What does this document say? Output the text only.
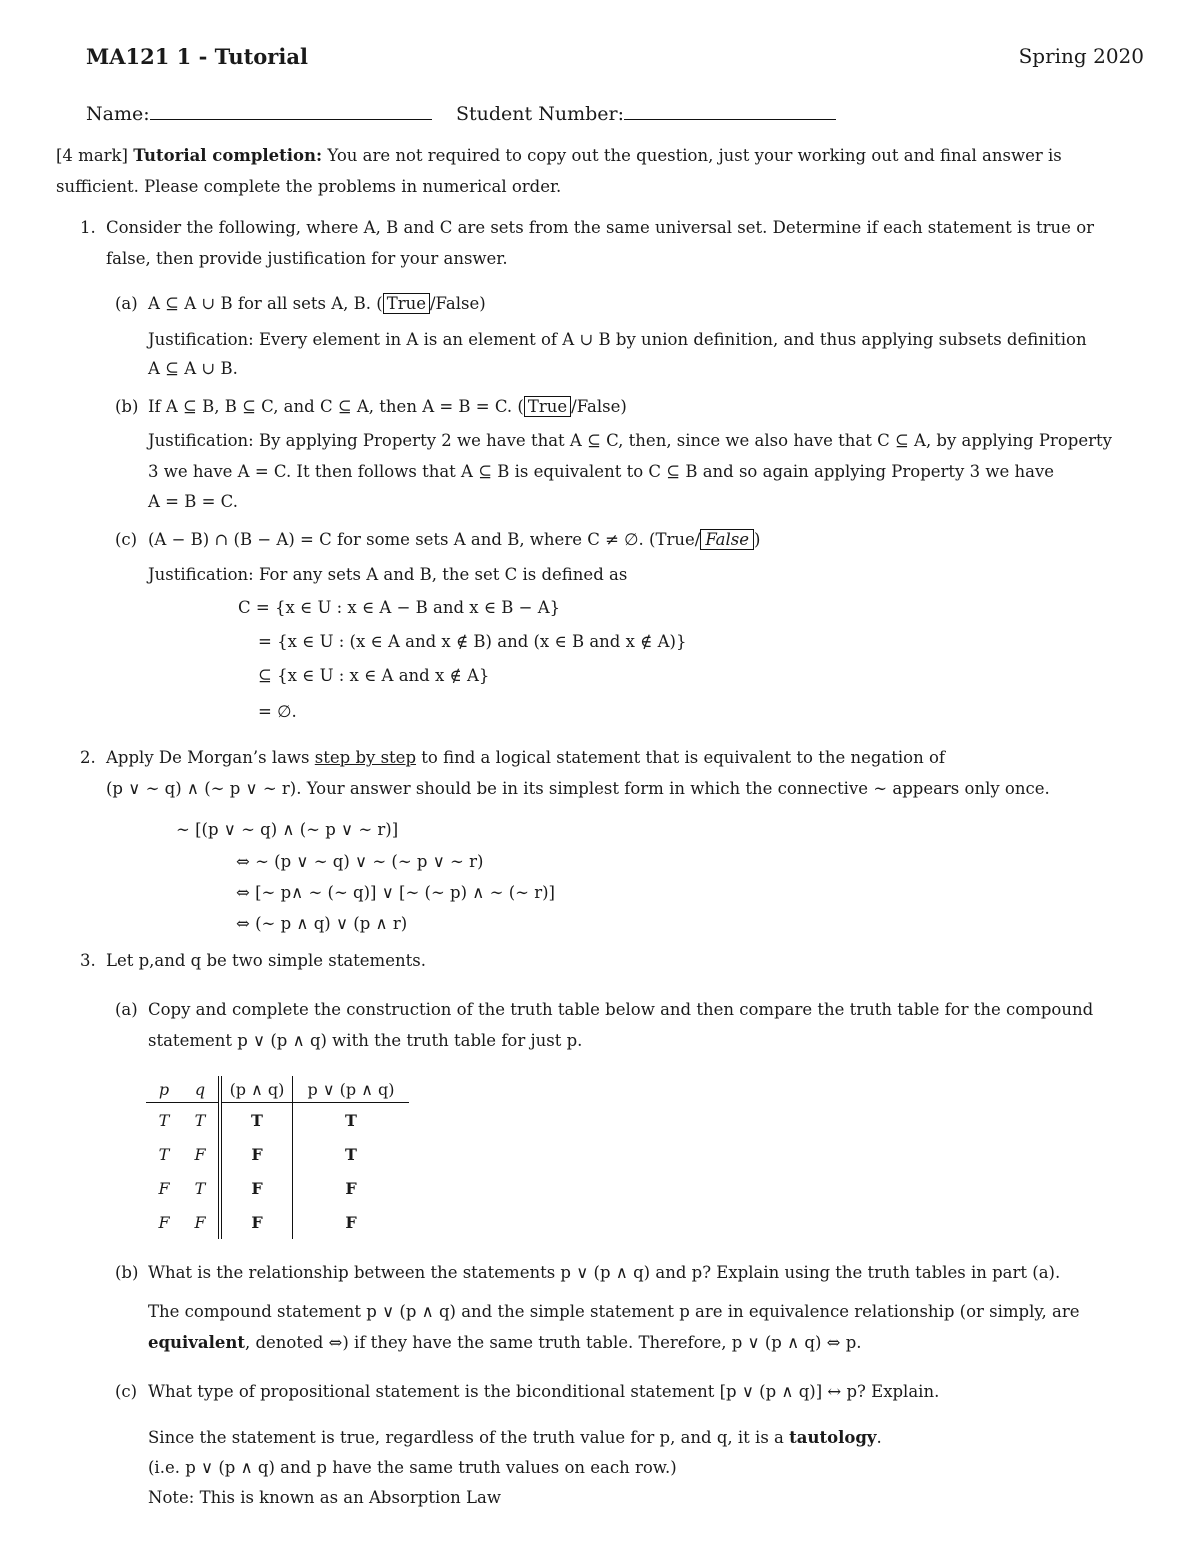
MA121 1 - Tutorial	Spring 2020
Name:	Student Number:
[4 mark] Tutorial completion: You are not required to copy out the question, just your working out and final answer is
sufficient. Please complete the problems in numerical order.
1. Consider the following, where A, B and C are sets from the same universal set. Determine if each statement is true or
false, then provide justification for your answer.
(a) A ⊆ A ∪ B for all sets A, B. ( True /False)
Justification: Every element in A is an element of A ∪ B by union definition, and thus applying subsets definition
A ⊆ A ∪ B.
(b) If A ⊆ B, B ⊆ C, and C ⊆ A, then A = B = C. ( True /False)
Justification: By applying Property 2 we have that A ⊆ C, then, since we also have that C ⊆ A, by applying Property
3 we have A = C. It then follows that A ⊆ B is equivalent to C ⊆ B and so again applying Property 3 we have
A = B = C.
(c) (A − B) ∩ (B − A) = C for some sets A and B, where C ≠ ∅. (True/ False )
Justification: For any sets A and B, the set C is defined as
C = {x ∈ U : x ∈ A − B and x ∈ B − A}
= {x ∈ U : (x ∈ A and x ∉ B) and (x ∈ B and x ∉ A)}
⊆ {x ∈ U : x ∈ A and x ∉ A}
= ∅.
2. Apply De Morgan’s laws step by step to find a logical statement that is equivalent to the negation of
(p ∨ ∼ q) ∧ (∼ p ∨ ∼ r). Your answer should be in its simplest form in which the connective ∼ appears only once.
∼ [(p ∨ ∼ q) ∧ (∼ p ∨ ∼ r)]
⇔ ∼ (p ∨ ∼ q) ∨ ∼ (∼ p ∨ ∼ r)
⇔ [∼ p∧ ∼ (∼ q)] ∨ [∼ (∼ p) ∧ ∼ (∼ r)]
⇔ (∼ p ∧ q) ∨ (p ∧ r)
3. Let p,and q be two simple statements.
(a) Copy and complete the construction of the truth table below and then compare the truth table for the compound
statement p ∨ (p ∧ q) with the truth table for just p.
p	q	(p ∧ q)	p ∨ (p ∧ q)
T	T	T	T
T	F	F	T
F	T	F	F
F	F	F	F
(b) What is the relationship between the statements p ∨ (p ∧ q) and p? Explain using the truth tables in part (a).
The compound statement p ∨ (p ∧ q) and the simple statement p are in equivalence relationship (or simply, are
equivalent, denoted ⇔) if they have the same truth table. Therefore, p ∨ (p ∧ q) ⇔ p.
(c) What type of propositional statement is the biconditional statement [p ∨ (p ∧ q)] ↔ p? Explain.
Since the statement is true, regardless of the truth value for p, and q, it is a tautology.
(i.e. p ∨ (p ∧ q) and p have the same truth values on each row.)
Note: This is known as an Absorption Law
